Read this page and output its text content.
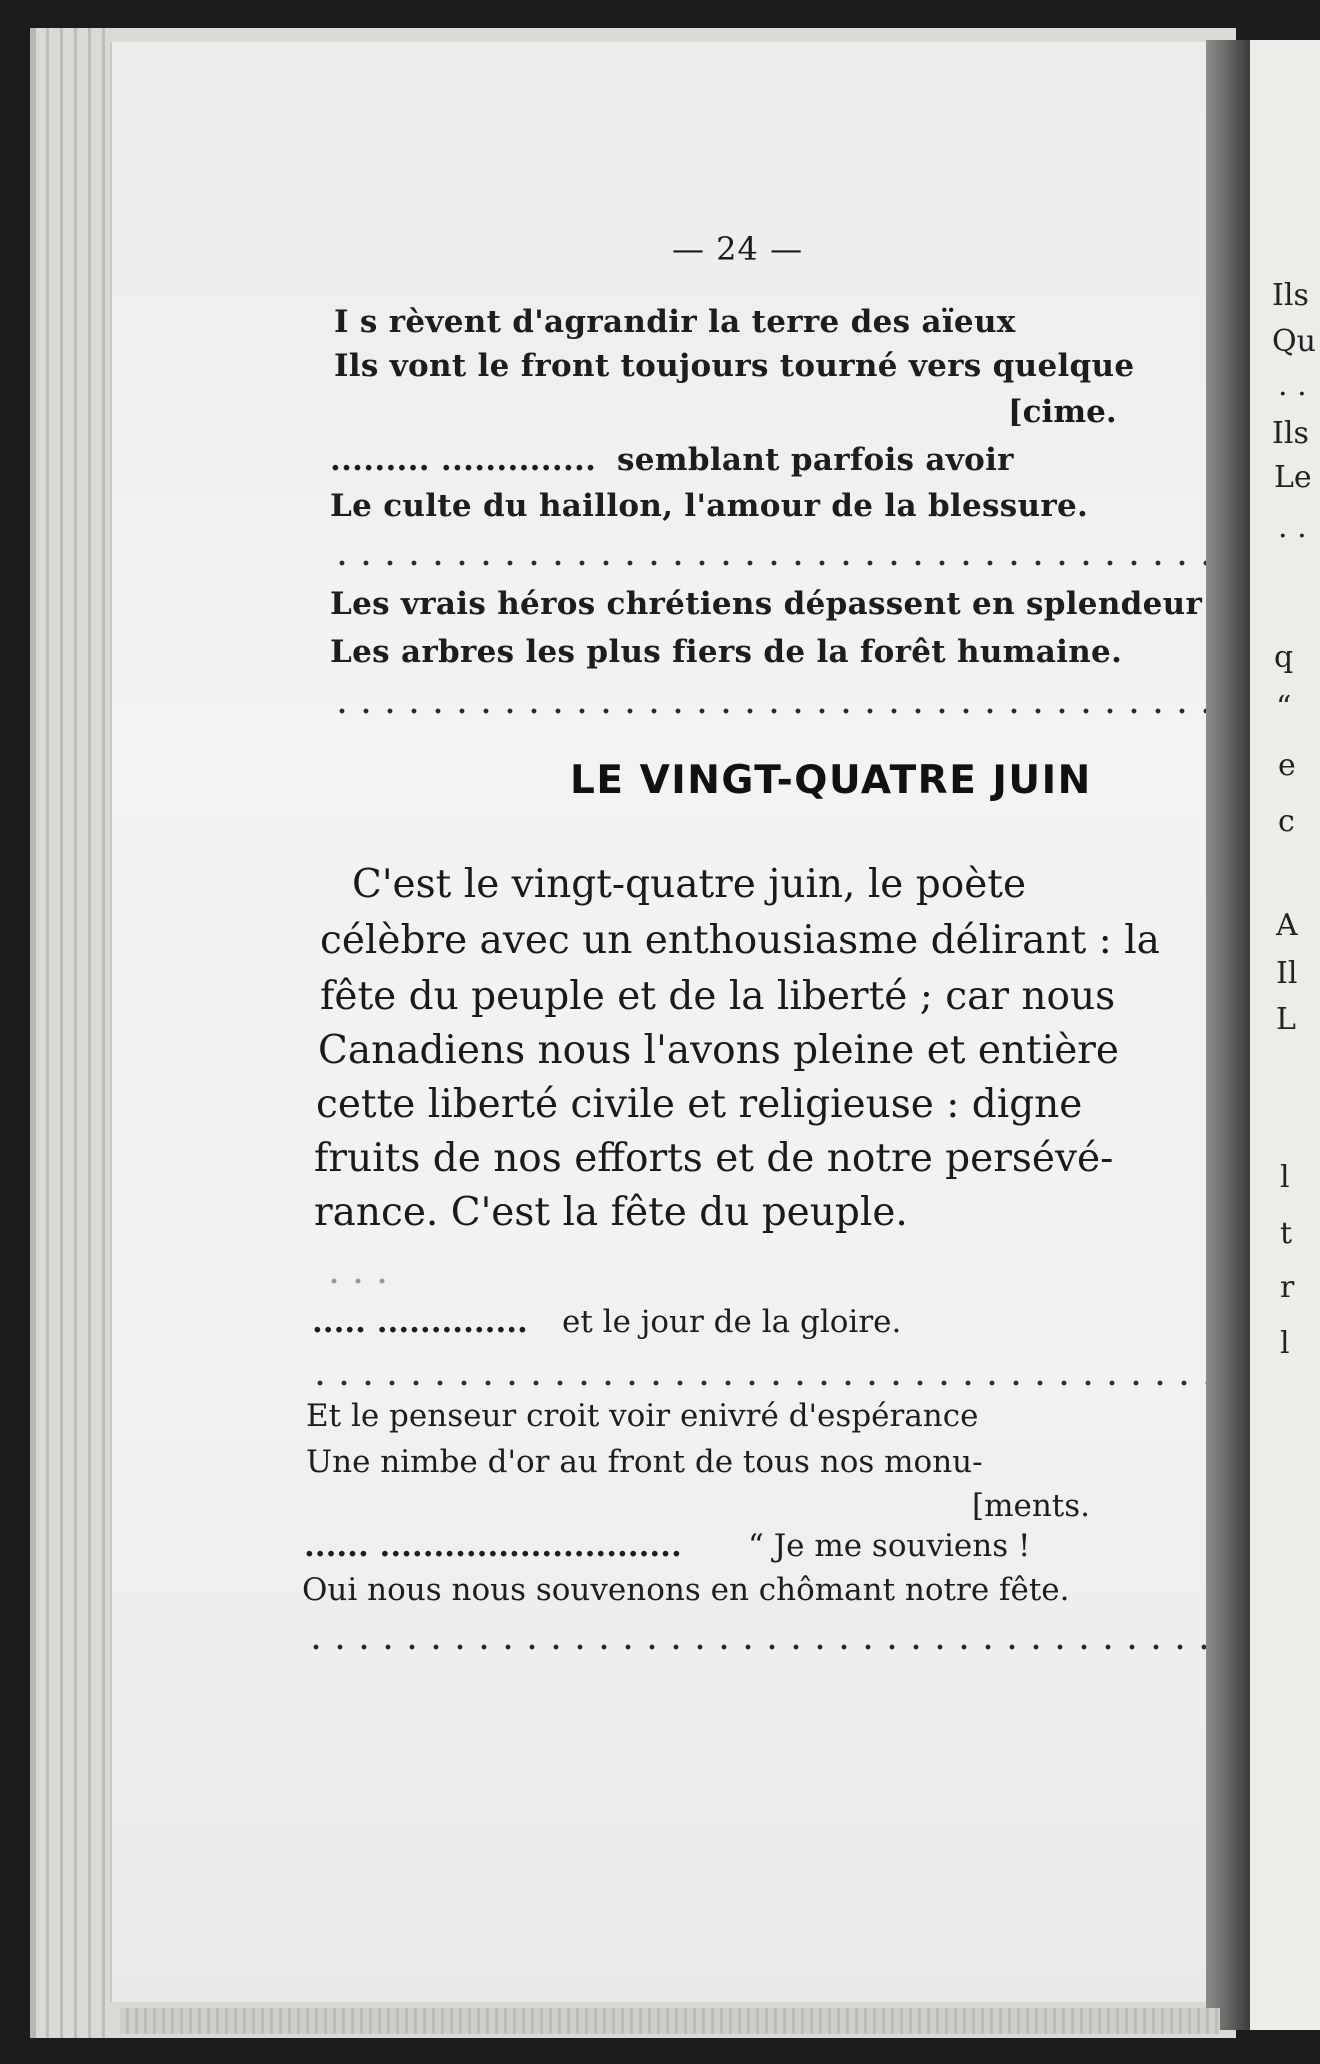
— 24 —
I s rèvent d'agrandir la terre des aïeux
Ils vont le front toujours tourné vers quelque
[cime.
......... .............. semblant parfois avoir
Le culte du haillon, l'amour de la blessure.
Les vrais héros chrétiens dépassent en splendeur
Les arbres les plus fiers de la forêt humaine.
LE VINGT-QUATRE JUIN
C'est le vingt-quatre juin, le poète
célèbre avec un enthousiasme délirant : la
fête du peuple et de la liberté ; car nous
Canadiens nous l'avons pleine et entière
cette liberté civile et religieuse : digne
fruits de nos efforts et de notre persévé-
rance. C'est la fête du peuple.
..... .............. et le jour de la gloire.
Et le penseur croit voir enivré d'espérance
Une nimbe d'or au front de tous nos monu-
[ments.
...... ............................ “ Je me souviens !
Oui nous nous souvenons en chômant notre fête.
Ils
Qu
. .
Ils
Le
. .
q
“
e
c
A
Il
L
l
t
r
l
